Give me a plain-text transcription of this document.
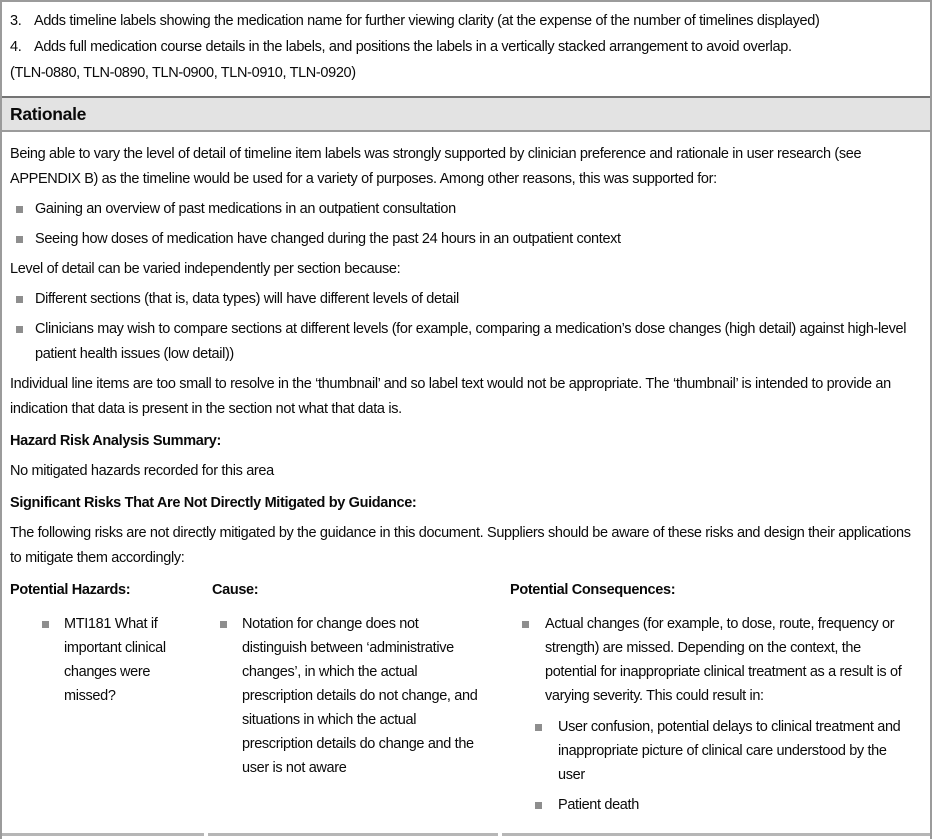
3. Adds timeline labels showing the medication name for further viewing clarity (at the expense of the number of timelines displayed)
4. Adds full medication course details in the labels, and positions the labels in a vertically stacked arrangement to avoid overlap.
(TLN-0880, TLN-0890, TLN-0900, TLN-0910, TLN-0920)
Rationale

Being able to vary the level of detail of timeline item labels was strongly supported by clinician preference and rationale in user research (see APPENDIX B) as the timeline would be used for a variety of purposes. Among other reasons, this was supported for:

Gaining an overview of past medications in an outpatient consultation
Seeing how doses of medication have changed during the past 24 hours in an outpatient context

Level of detail can be varied independently per section because:

Different sections (that is, data types) will have different levels of detail
Clinicians may wish to compare sections at different levels (for example, comparing a medication’s dose changes (high detail) against high-level patient health issues (low detail))

Individual line items are too small to resolve in the ‘thumbnail’ and so label text would not be appropriate. The ‘thumbnail’ is intended to provide an indication that data is present in the section not what that data is.

Hazard Risk Analysis Summary:

No mitigated hazards recorded for this area

Significant Risks That Are Not Directly Mitigated by Guidance:

The following risks are not directly mitigated by the guidance in this document. Suppliers should be aware of these risks and design their applications to mitigate them accordingly:

Potential Hazards:
MTI181 What if important clinical changes were missed?
Cause:
Notation for change does not distinguish between ‘administrative changes’, in which the actual prescription details do not change, and situations in which the actual prescription details do change and the user is not aware
Potential Consequences:
Actual changes (for example, to dose, route, frequency or strength) are missed. Depending on the context, the potential for inappropriate clinical treatment as a result is of varying severity. This could result in:
User confusion, potential delays to clinical treatment and inappropriate picture of clinical care understood by the user
Patient death
